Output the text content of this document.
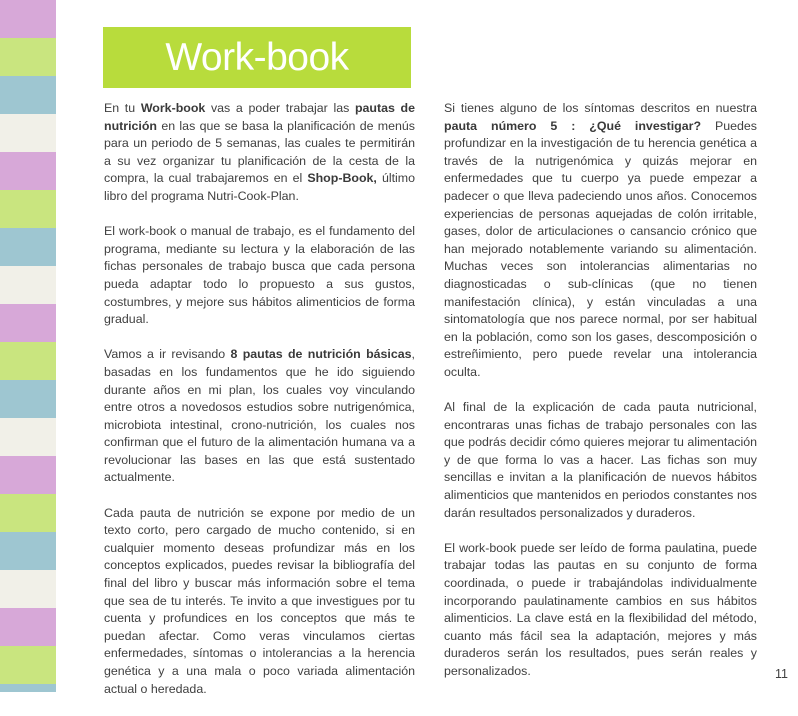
Work-book

En tu Work-book vas a poder trabajar las pautas de nutrición en las que se basa la planificación de menús para un periodo de 5 semanas, las cuales te permitirán a su vez organizar tu planificación de la cesta de la compra, la cual trabajaremos en el Shop-Book, último libro del programa Nutri-Cook-Plan.

El work-book o manual de trabajo, es el fundamento del programa, mediante su lectura y la elaboración de las fichas personales de trabajo busca que cada persona pueda adaptar todo lo propuesto a sus gustos, costumbres, y mejore sus hábitos alimenticios de forma gradual.

Vamos a ir revisando 8 pautas de nutrición básicas, basadas en los fundamentos que he ido siguiendo durante años en mi plan, los cuales voy vinculando entre otros a novedosos estudios sobre nutrigenómica, microbiota intestinal, crono-nutrición, los cuales nos confirman que el futuro de la alimentación humana va a revolucionar las bases en las que está sustentado actualmente.

Cada pauta de nutrición se expone por medio de un texto corto, pero cargado de mucho contenido, si en cualquier momento deseas profundizar más en los conceptos explicados, puedes revisar la bibliografía del final del libro y buscar más información sobre el tema que sea de tu interés. Te invito a que investigues por tu cuenta y profundices en los conceptos que más te puedan afectar. Como veras vinculamos ciertas enfermedades, síntomas o intolerancias a la herencia genética y a una mala o poco variada alimentación actual o heredada.

Si tienes alguno de los síntomas descritos en nuestra pauta número 5 : ¿Qué investigar? Puedes profundizar en la investigación de tu herencia genética a través de la nutrigenómica y quizás mejorar en enfermedades que tu cuerpo ya puede empezar a padecer o que lleva padeciendo unos años. Conocemos experiencias de personas aquejadas de colón irritable, gases, dolor de articulaciones o cansancio crónico que han mejorado notablemente variando su alimentación. Muchas veces son intolerancias alimentarias no diagnosticadas o sub-clínicas (que no tienen manifestación clínica), y están vinculadas a una sintomatología que nos parece normal, por ser habitual en la población, como son los gases, descomposición o estreñimiento, pero puede revelar una intolerancia oculta.

Al final de la explicación de cada pauta nutricional, encontraras unas fichas de trabajo personales con las que podrás decidir cómo quieres mejorar tu alimentación y de que forma lo vas a hacer. Las fichas son muy sencillas e invitan a la planificación de nuevos hábitos alimenticios que mantenidos en periodos constantes nos darán resultados personalizados y duraderos.

El work-book puede ser leído de forma paulatina, puede trabajar todas las pautas en su conjunto de forma coordinada, o puede ir trabajándolas individualmente incorporando paulatinamente cambios en sus hábitos alimenticios. La clave está en la flexibilidad del método, cuanto más fácil sea la adaptación, mejores y más duraderos serán los resultados, pues serán reales y personalizados.	11
